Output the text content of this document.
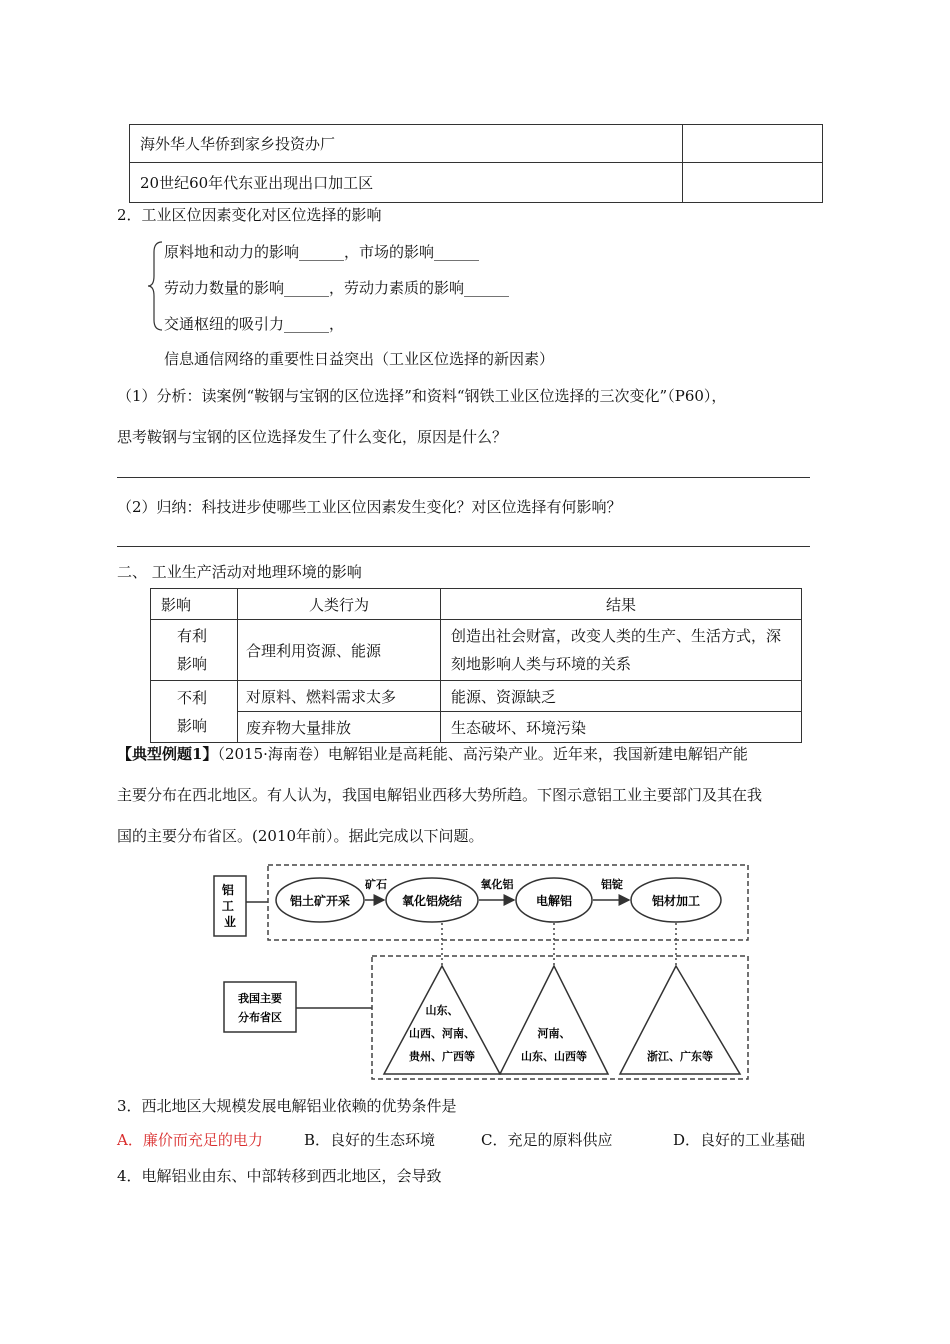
海外华人华侨到家乡投资办厂	
20世纪60年代东亚出现出口加工区	
2．工业区位因素变化对区位选择的影响
原料地和动力的影响______，市场的影响______
劳动力数量的影响______，劳动力素质的影响______
交通枢纽的吸引力______，
信息通信网络的重要性日益突出（工业区位选择的新因素）
（1）分析：读案例“鞍钢与宝钢的区位选择”和资料“钢铁工业区位选择的三次变化”（P60），
思考鞍钢与宝钢的区位选择发生了什么变化，原因是什么？
（2）归纳：科技进步使哪些工业区位因素发生变化？对区位选择有何影响？
二、 工业生产活动对地理环境的影响
影响	人类行为	结果
有利影响	合理利用资源、能源	创造出社会财富，改变人类的生产、生活方式，深刻地影响人类与环境的关系
不利影响	对原料、燃料需求太多	能源、资源缺乏
	废弃物大量排放	生态破坏、环境污染
【典型例题1】（2015·海南卷）电解铝业是高耗能、高污染产业。近年来，我国新建电解铝产能
主要分布在西北地区。有人认为，我国电解铝业西移大势所趋。下图示意铝工业主要部门及其在我
国的主要分布省区。(2010年前）。据此完成以下问题。
铝 工 业
铝土矿开采	氧化铝烧结	电解铝	铝材加工
矿石	氧化铝	铝锭
我国主要
分布省区
山东、
山西、河南、
贵州、广西等
河南、
山东、山西等	浙江、广东等
3．西北地区大规模发展电解铝业依赖的优势条件是
A．廉价而充足的电力	B．良好的生态环境	C．充足的原料供应	D．良好的工业基础
4．电解铝业由东、中部转移到西北地区，会导致
